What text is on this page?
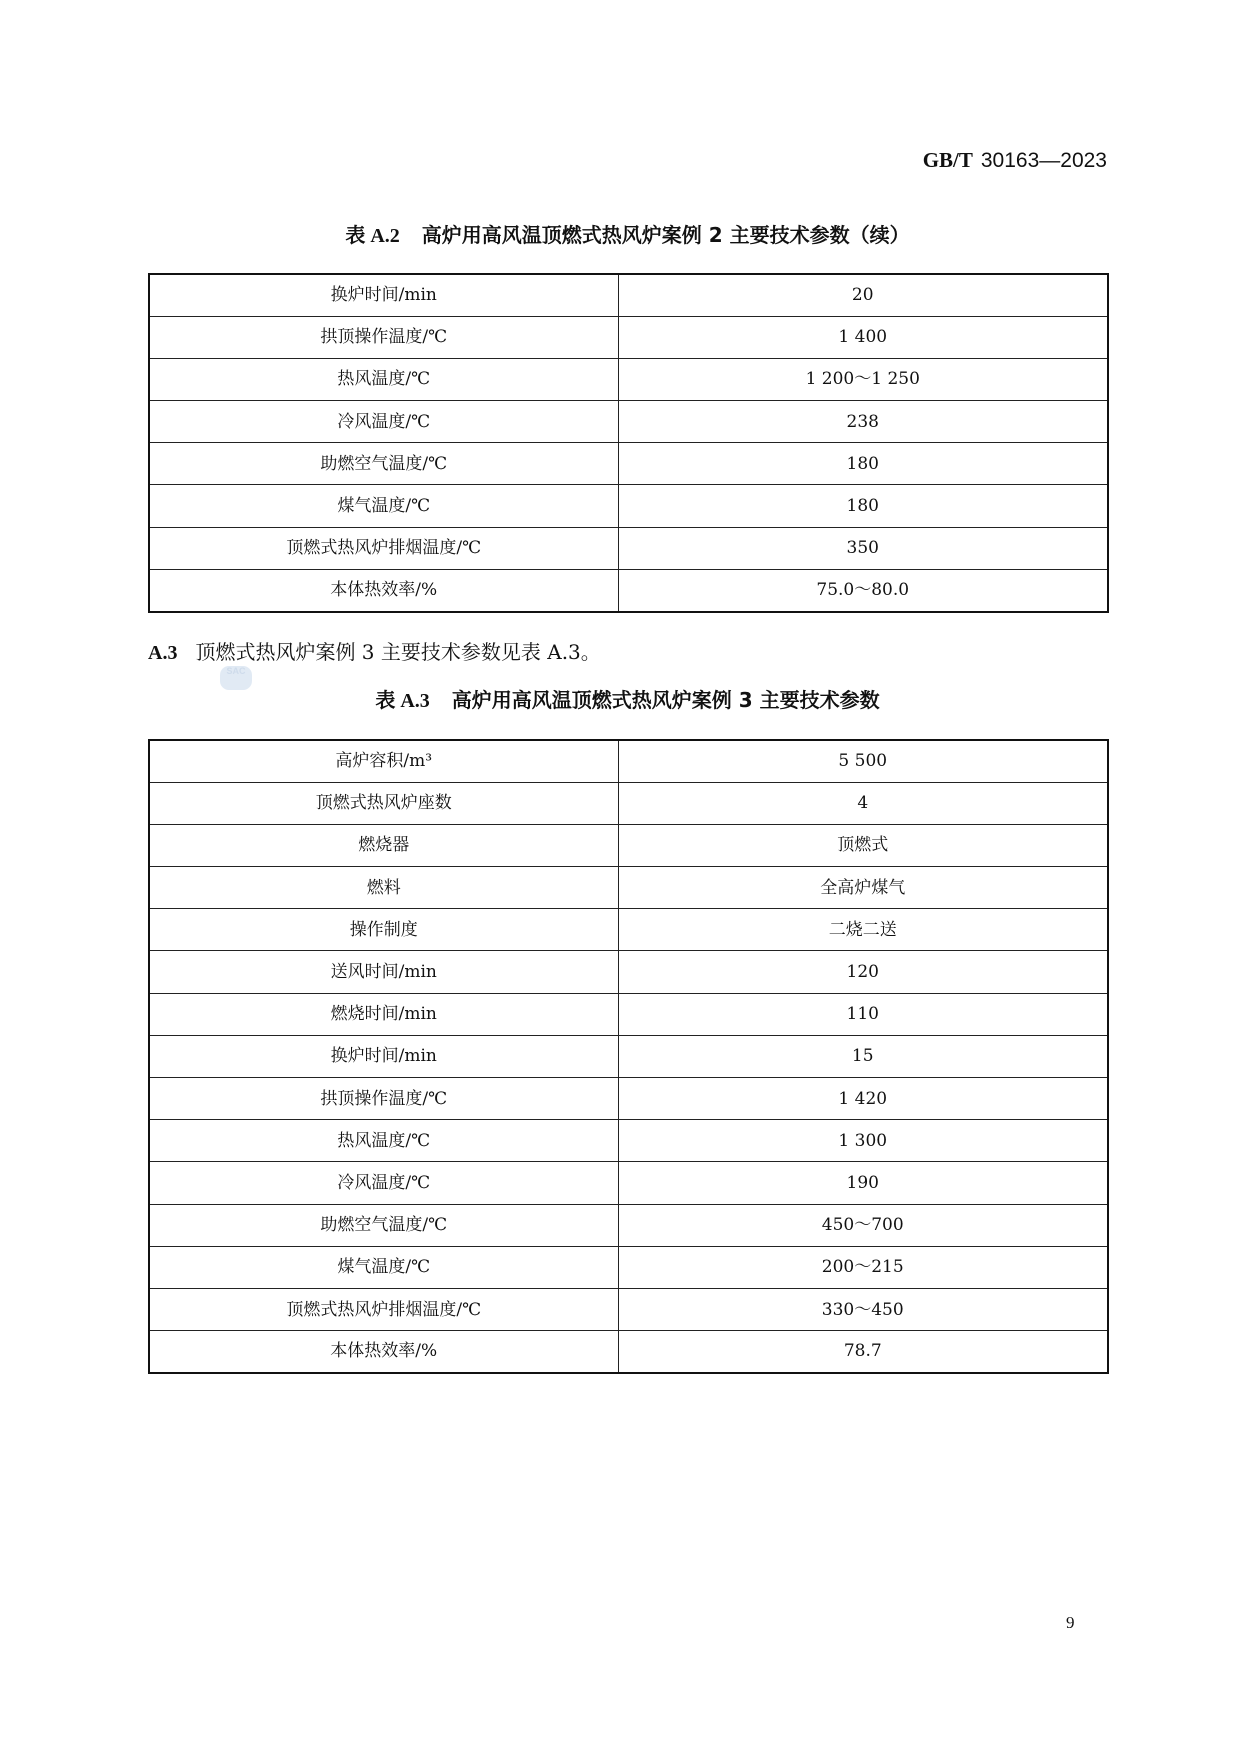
GB/T 30163—2023
表 A.2 高炉用高风温顶燃式热风炉案例 2 主要技术参数（续）
换炉时间/min	20
拱顶操作温度/℃	1 400
热风温度/℃	1 200～1 250
冷风温度/℃	238
助燃空气温度/℃	180
煤气温度/℃	180
顶燃式热风炉排烟温度/℃	350
本体热效率/%	75.0～80.0
A.3 顶燃式热风炉案例 3 主要技术参数见表 A.3。
SAC
表 A.3 高炉用高风温顶燃式热风炉案例 3 主要技术参数
高炉容积/m³	5 500
顶燃式热风炉座数	4
燃烧器	顶燃式
燃料	全高炉煤气
操作制度	二烧二送
送风时间/min	120
燃烧时间/min	110
换炉时间/min	15
拱顶操作温度/℃	1 420
热风温度/℃	1 300
冷风温度/℃	190
助燃空气温度/℃	450～700
煤气温度/℃	200～215
顶燃式热风炉排烟温度/℃	330～450
本体热效率/%	78.7
9
